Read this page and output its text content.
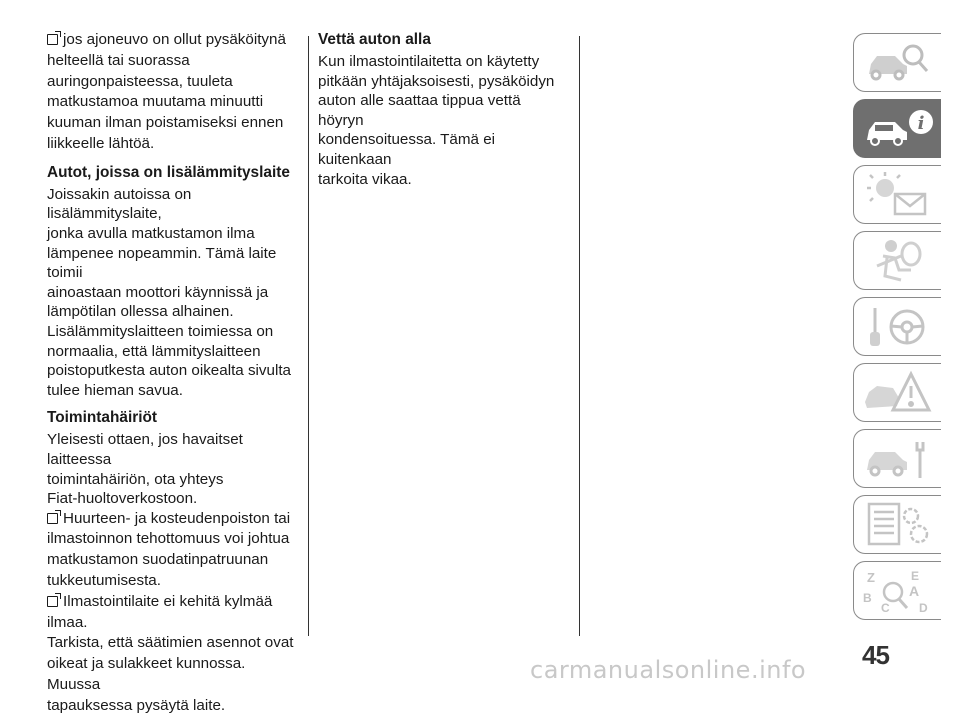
jos ajoneuvo on ollut pysäköitynä
helteellä tai suorassa
auringonpaisteessa, tuuleta
matkustamoa muutama minuutti
kuuman ilman poistamiseksi ennen
liikkeelle lähtöä.

Autot, joissa on lisälämmityslaite

Joissakin autoissa on lisälämmityslaite,
jonka avulla matkustamon ilma
lämpenee nopeammin. Tämä laite toimii
ainoastaan moottori käynnissä ja
lämpötilan ollessa alhainen.
Lisälämmityslaitteen toimiessa on
normaalia, että lämmityslaitteen
poistoputkesta auton oikealta sivulta
tulee hieman savua.

Toimintahäiriöt

Yleisesti ottaen, jos havaitset laitteessa
toimintahäiriön, ota yhteys
Fiat-huoltoverkostoon.

Huurteen- ja kosteudenpoiston tai
ilmastoinnon tehottomuus voi johtua
matkustamon suodatinpatruunan
tukkeutumisesta.

Ilmastointilaite ei kehitä kylmää ilmaa.
Tarkista, että säätimien asennot ovat
oikeat ja sulakkeet kunnossa. Muussa
tapauksessa pysäytä laite.

Vettä auton alla

Kun ilmastointilaitetta on käytetty
pitkään yhtäjaksoisesti, pysäköidyn
auton alle saattaa tippua vettä höyryn
kondensoituessa. Tämä ei kuitenkaan
tarkoita vikaa.

i
Z	E
B	A
D
C
45
carmanualsonline.info
